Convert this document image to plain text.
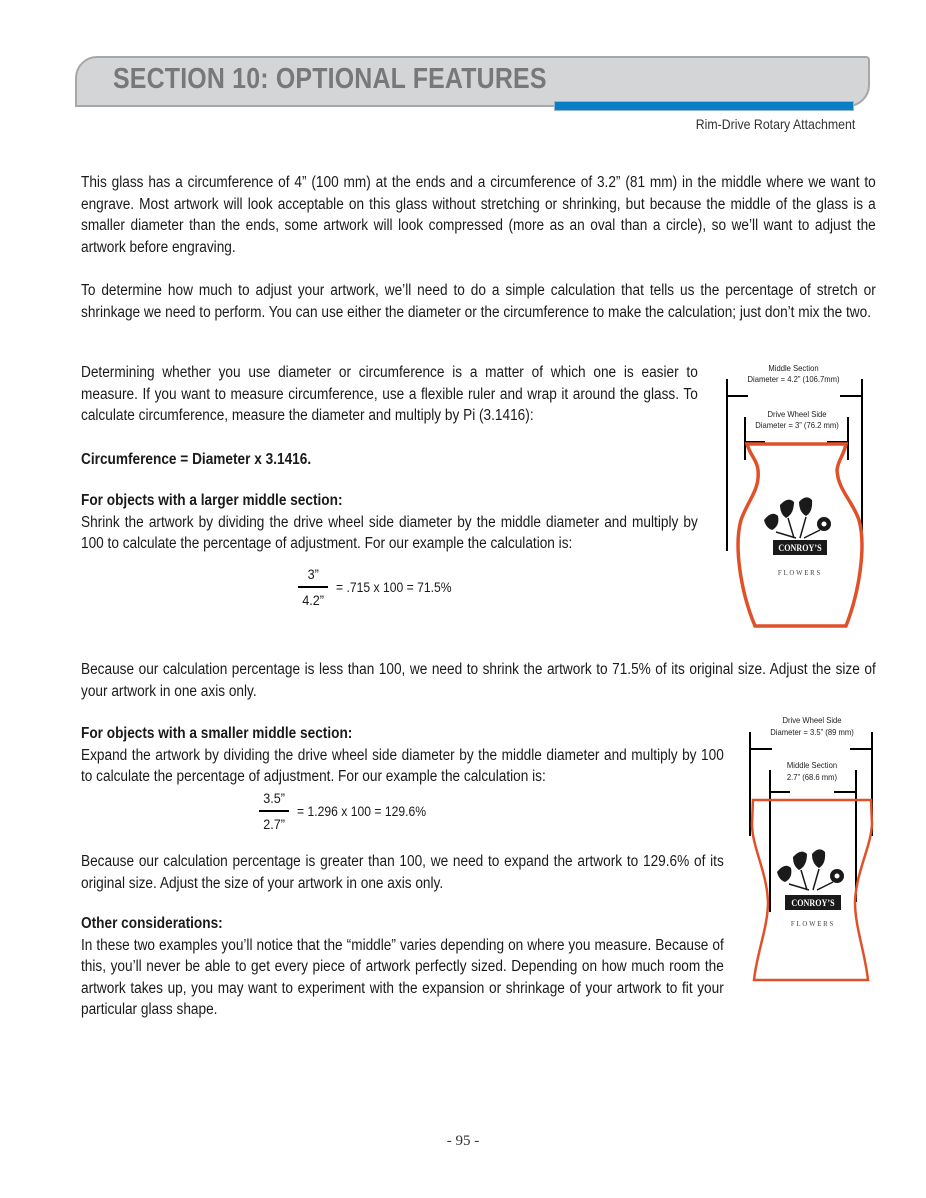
SECTION 10: OPTIONAL FEATURES
Rim-Drive Rotary Attachment
This glass has a circumference of 4” (100 mm) at the ends and a circumference of 3.2” (81 mm) in the middle where we want to engrave. Most artwork will look acceptable on this glass without stretching or shrinking, but because the middle of the glass is a smaller diameter than the ends, some artwork will look compressed (more as an oval than a circle), so we’ll want to adjust the artwork before engraving.
To determine how much to adjust your artwork, we’ll need to do a simple calculation that tells us the percentage of stretch or shrinkage we need to perform. You can use either the diameter or the circumference to make the calculation; just don’t mix the two.
Determining whether you use diameter or circumference is a matter of which one is easier to measure. If you want to measure circumference, use a flexible ruler and wrap it around the glass. To calculate circumference, measure the diameter and multiply by Pi (3.1416):
Circumference = Diameter x 3.1416.
For objects with a larger middle section:
Shrink the artwork by dividing the drive wheel side diameter by the middle diameter and multiply by 100 to calculate the percentage of adjustment. For our example the calculation is:
$\frac{3”}{4.2”} = .715$ x 100 = 71.5%
Because our calculation percentage is less than 100, we need to shrink the artwork to 71.5% of its original size. Adjust the size of your artwork in one axis only.
For objects with a smaller middle section:
Expand the artwork by dividing the drive wheel side diameter by the middle diameter and multiply by 100 to calculate the percentage of adjustment. For our example the calculation is:
$\frac{3.5”}{2.7”} = 1.296$ x 100 = 129.6%
Because our calculation percentage is greater than 100, we need to expand the artwork to 129.6% of its original size. Adjust the size of your artwork in one axis only.
Other considerations:
In these two examples you’ll notice that the “middle” varies depending on where you measure. Because of this, you’ll never be able to get every piece of artwork perfectly sized. Depending on how much room the artwork takes up, you may want to experiment with the expansion or shrinkage of your artwork to fit your particular glass shape.
Middle Section
Diameter = 4.2” (106.7mm)
Drive Wheel Side
Diameter = 3” (76.2 mm)
CONROY’S
FLOWERS
Drive Wheel Side
Diameter = 3.5” (89 mm)
Middle Section
2.7” (68.6 mm)
CONROY’S
FLOWERS
- 95 -
